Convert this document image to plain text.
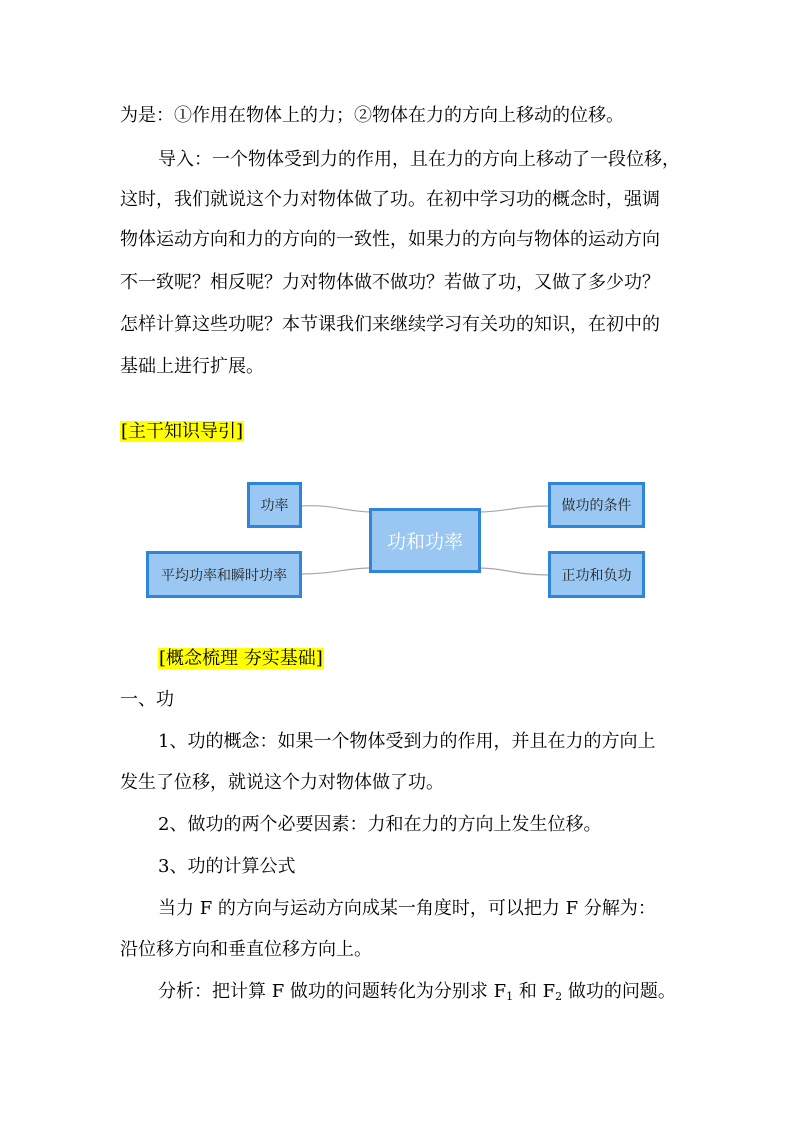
为是：①作用在物体上的力；②物体在力的方向上移动的位移。
导入：一个物体受到力的作用，且在力的方向上移动了一段位移，
这时，我们就说这个力对物体做了功。在初中学习功的概念时，强调
物体运动方向和力的方向的一致性，如果力的方向与物体的运动方向
不一致呢？相反呢？力对物体做不做功？若做了功，又做了多少功？
怎样计算这些功呢？本节课我们来继续学习有关功的知识，在初中的
基础上进行扩展。
[主干知识导引]
功和功率
功率
平均功率和瞬时功率
做功的条件
正功和负功
[概念梳理 夯实基础]
一、功
1、功的概念：如果一个物体受到力的作用，并且在力的方向上
发生了位移，就说这个力对物体做了功。
2、做功的两个必要因素：力和在力的方向上发生位移。
3、功的计算公式
当力 F 的方向与运动方向成某一角度时，可以把力 F 分解为：
沿位移方向和垂直位移方向上。
分析：把计算 F 做功的问题转化为分别求 $F_1$ 和 $F_2$ 做功的问题。
